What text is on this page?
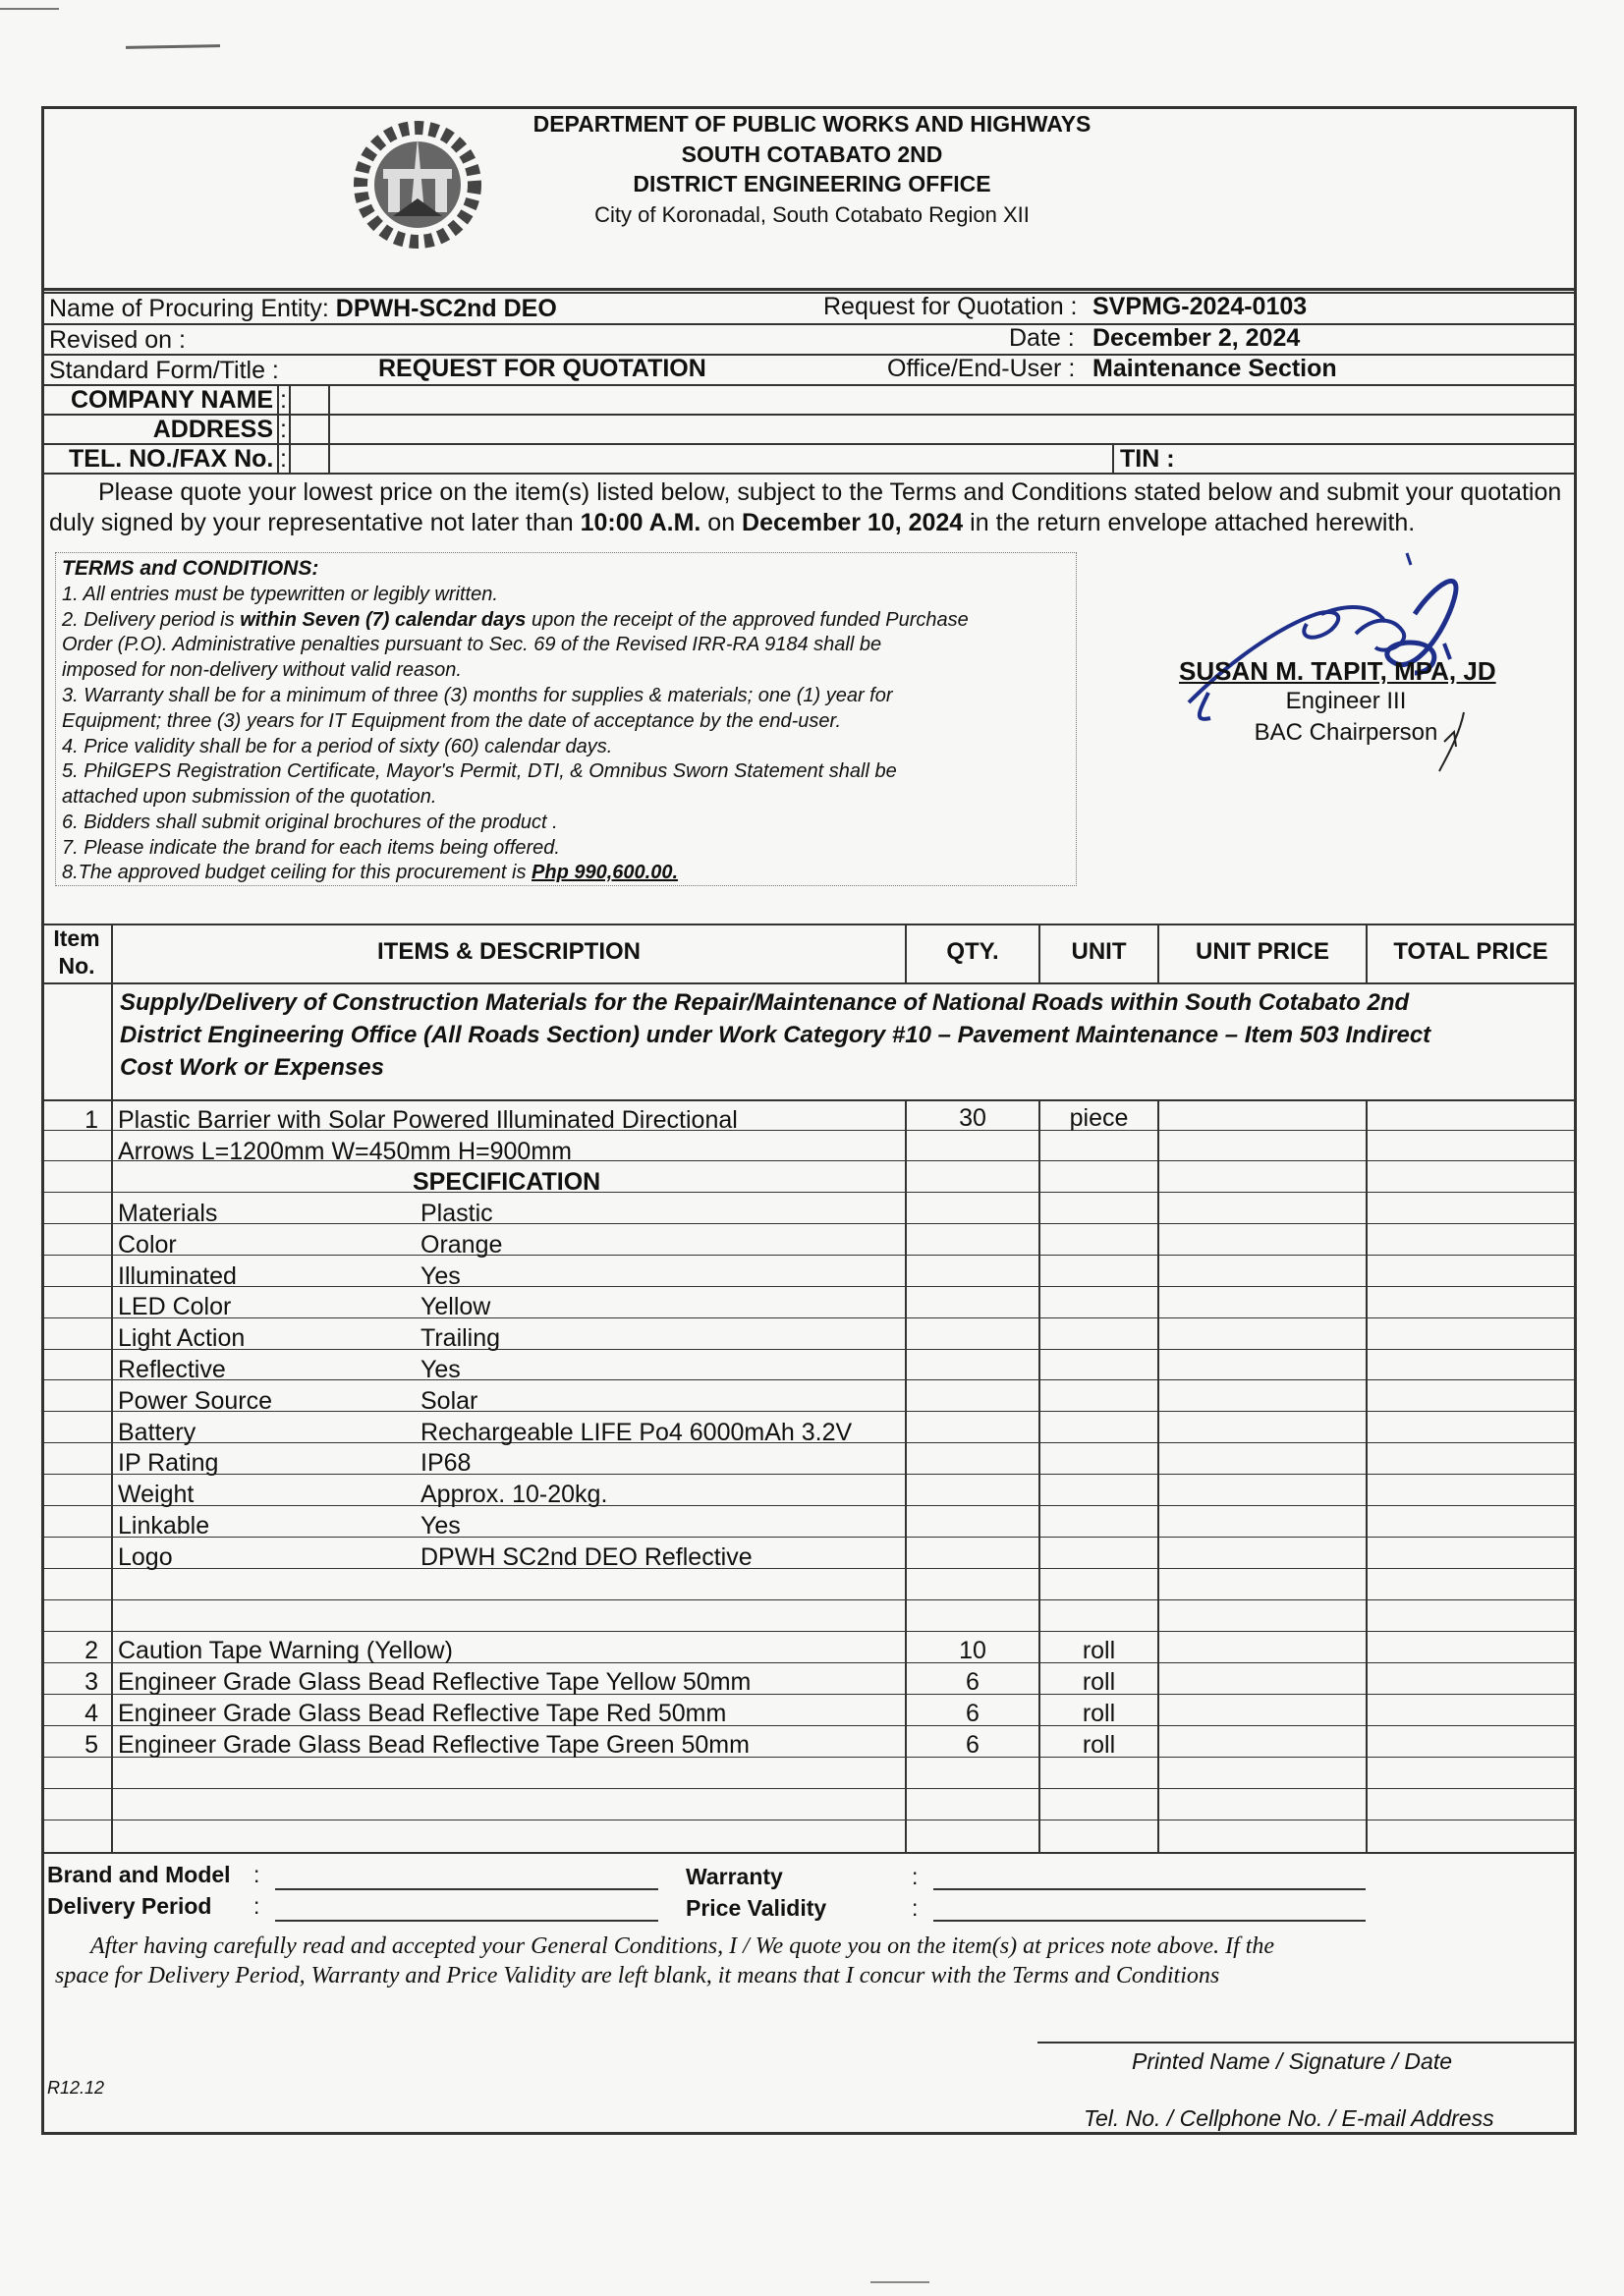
DEPARTMENT OF PUBLIC WORKS AND HIGHWAYS
SOUTH COTABATO 2ND
DISTRICT ENGINEERING OFFICE
City of Koronadal, South Cotabato Region XII
Name of Procuring Entity: DPWH-SC2nd DEO	Request for Quotation : SVPMG-2024-0103
Revised on :	Date : December 2, 2024
Standard Form/Title :	REQUEST FOR QUOTATION	Office/End-User : Maintenance Section
COMPANY NAME :
ADDRESS :
TEL. NO./FAX No. :	TIN :
Please quote your lowest price on the item(s) listed below, subject to the Terms and Conditions stated below and submit your quotation
duly signed by your representative not later than 10:00 A.M. on December 10, 2024 in the return envelope attached herewith.
TERMS and CONDITIONS:
1. All entries must be typewritten or legibly written.
2. Delivery period is within Seven (7) calendar days upon the receipt of the approved funded Purchase
Order (P.O). Administrative penalties pursuant to Sec. 69 of the Revised IRR-RA 9184 shall be
imposed for non-delivery without valid reason.
3. Warranty shall be for a minimum of three (3) months for supplies & materials; one (1) year for
Equipment; three (3) years for IT Equipment from the date of acceptance by the end-user.
4. Price validity shall be for a period of sixty (60) calendar days.
5. PhilGEPS Registration Certificate, Mayor's Permit, DTI, & Omnibus Sworn Statement shall be
attached upon submission of the quotation.
6. Bidders shall submit original brochures of the product .
7. Please indicate the brand for each items being offered.
8.The approved budget ceiling for this procurement is Php 990,600.00.
SUSAN M. TAPIT, MPA, JD
Engineer III
BAC Chairperson
Item
No.
ITEMS & DESCRIPTION	QTY.	UNIT	UNIT PRICE	TOTAL PRICE
Supply/Delivery of Construction Materials for the Repair/Maintenance of National Roads within South Cotabato 2nd
District Engineering Office (All Roads Section) under Work Category #10 – Pavement Maintenance – Item 503 Indirect
Cost Work or Expenses
1 Plastic Barrier with Solar Powered Illuminated Directional	30	piece
Arrows L=1200mm W=450mm H=900mm
SPECIFICATION
Materials	Plastic
Color	Orange
Illuminated	Yes
LED Color	Yellow
Light Action	Trailing
Reflective	Yes
Power Source	Solar
Battery	Rechargeable LIFE Po4 6000mAh 3.2V
IP Rating	IP68
Weight	Approx. 10-20kg.
Linkable	Yes
Logo	DPWH SC2nd DEO Reflective
2 Caution Tape Warning (Yellow)	10	roll
3 Engineer Grade Glass Bead Reflective Tape Yellow 50mm	6	roll
4 Engineer Grade Glass Bead Reflective Tape Red 50mm	6	roll
5 Engineer Grade Glass Bead Reflective Tape Green 50mm	6	roll
Brand and Model :
Delivery Period :
Warranty	:
Price Validity	:
After having carefully read and accepted your General Conditions, I / We quote you on the item(s) at prices note above. If the
space for Delivery Period, Warranty and Price Validity are left blank, it means that I concur with the Terms and Conditions
Printed Name / Signature / Date
R12.12
Tel. No. / Cellphone No. / E-mail Address
